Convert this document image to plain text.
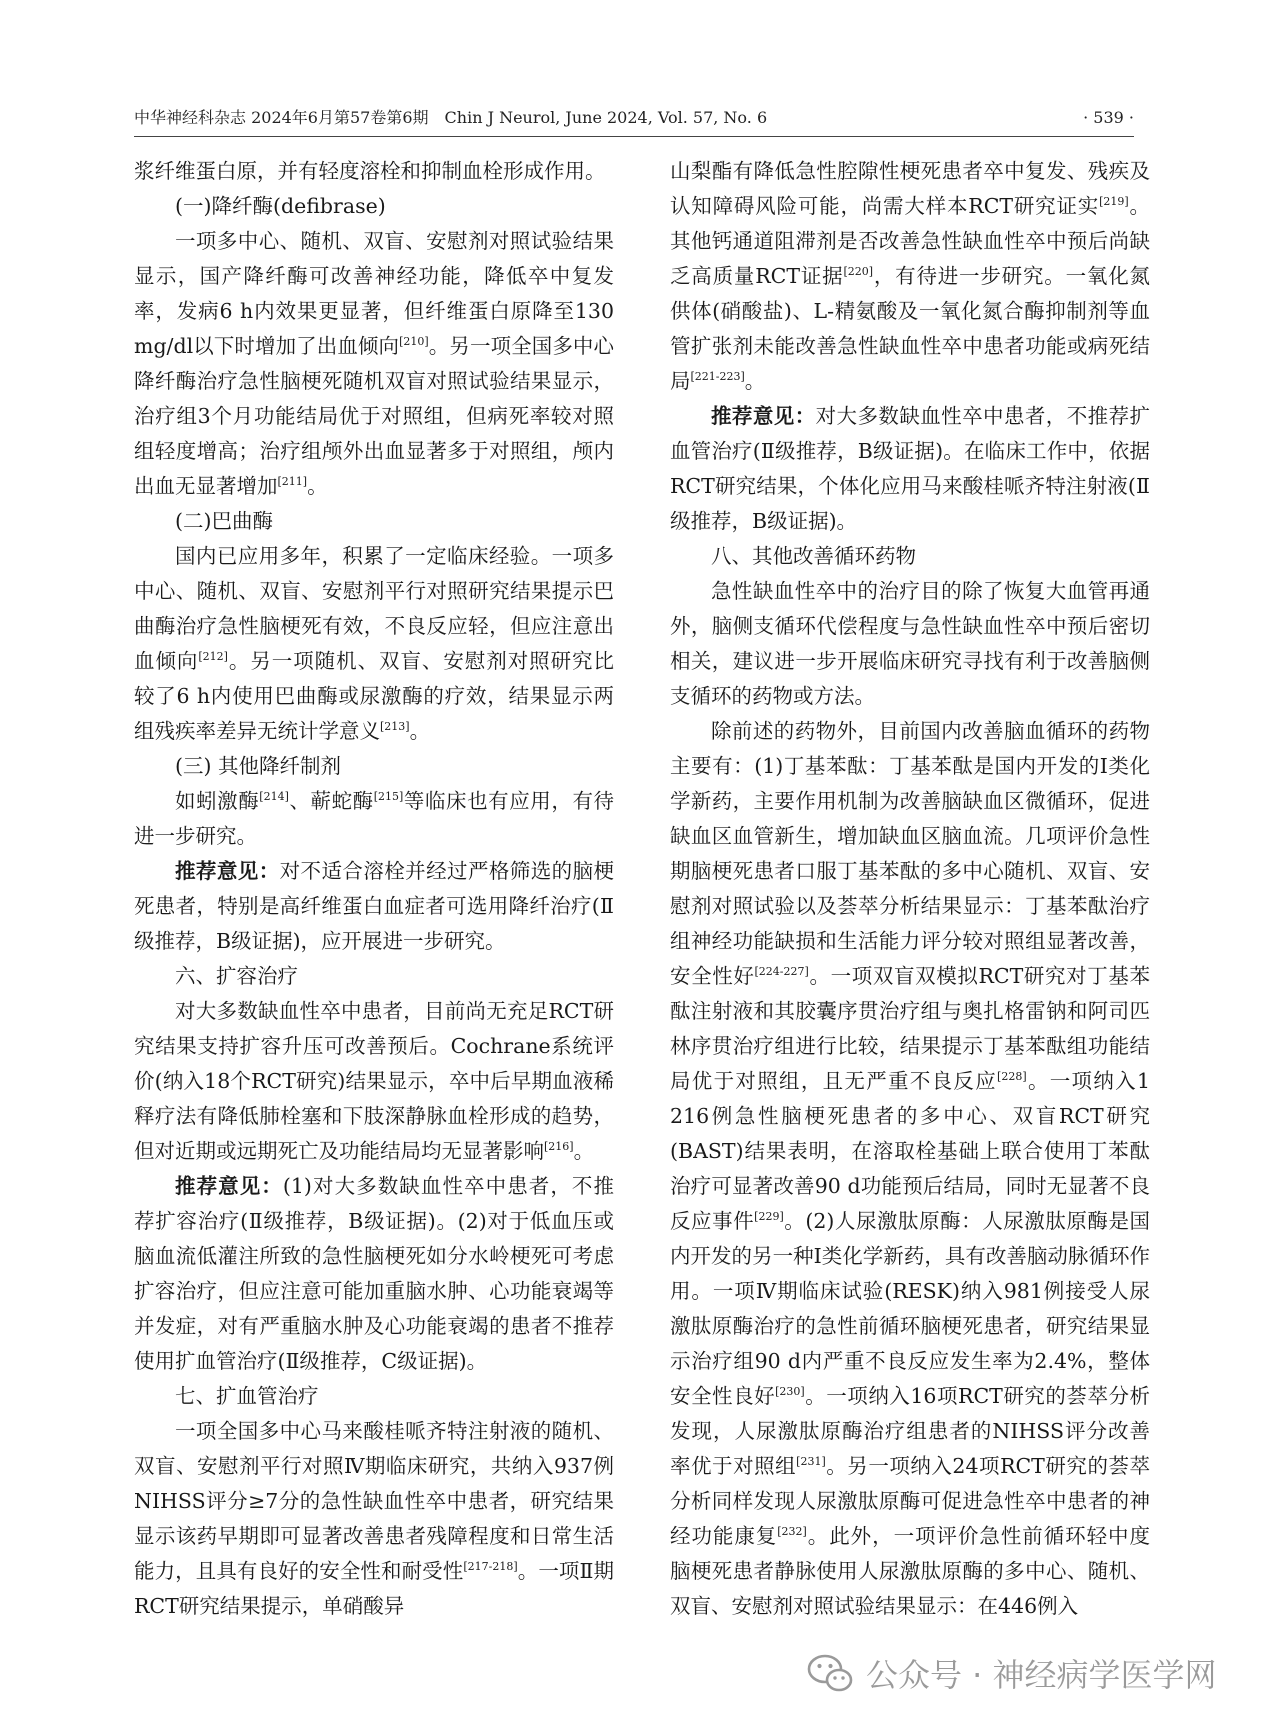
中华神经科杂志 2024年6月第57卷第6期　Chin J Neurol, June 2024, Vol. 57, No. 6	· 539 ·

浆纤维蛋白原，并有轻度溶栓和抑制血栓形成作用。

(一)降纤酶(defibrase)

一项多中心、随机、双盲、安慰剂对照试验结果显示，国产降纤酶可改善神经功能，降低卒中复发率，发病6 h内效果更显著，但纤维蛋白原降至130 mg/dl以下时增加了出血倾向[210]。另一项全国多中心降纤酶治疗急性脑梗死随机双盲对照试验结果显示，治疗组3个月功能结局优于对照组，但病死率较对照组轻度增高；治疗组颅外出血显著多于对照组，颅内出血无显著增加[211]。

(二)巴曲酶

国内已应用多年，积累了一定临床经验。一项多中心、随机、双盲、安慰剂平行对照研究结果提示巴曲酶治疗急性脑梗死有效，不良反应轻，但应注意出血倾向[212]。另一项随机、双盲、安慰剂对照研究比较了6 h内使用巴曲酶或尿激酶的疗效，结果显示两组残疾率差异无统计学意义[213]。

(三) 其他降纤制剂

如蚓激酶[214]、蕲蛇酶[215]等临床也有应用，有待进一步研究。

推荐意见：对不适合溶栓并经过严格筛选的脑梗死患者，特别是高纤维蛋白血症者可选用降纤治疗(Ⅱ级推荐，B级证据)，应开展进一步研究。

六、扩容治疗

对大多数缺血性卒中患者，目前尚无充足RCT研究结果支持扩容升压可改善预后。Cochrane系统评价(纳入18个RCT研究)结果显示，卒中后早期血液稀释疗法有降低肺栓塞和下肢深静脉血栓形成的趋势，但对近期或远期死亡及功能结局均无显著影响[216]。

推荐意见：(1)对大多数缺血性卒中患者，不推荐扩容治疗(Ⅱ级推荐，B级证据)。(2)对于低血压或脑血流低灌注所致的急性脑梗死如分水岭梗死可考虑扩容治疗，但应注意可能加重脑水肿、心功能衰竭等并发症，对有严重脑水肿及心功能衰竭的患者不推荐使用扩血管治疗(Ⅱ级推荐，C级证据)。

七、扩血管治疗

一项全国多中心马来酸桂哌齐特注射液的随机、双盲、安慰剂平行对照Ⅳ期临床研究，共纳入937例NIHSS评分≥7分的急性缺血性卒中患者，研究结果显示该药早期即可显著改善患者残障程度和日常生活能力，且具有良好的安全性和耐受性[217-218]。一项Ⅱ期RCT研究结果提示，单硝酸异

山梨酯有降低急性腔隙性梗死患者卒中复发、残疾及认知障碍风险可能，尚需大样本RCT研究证实[219]。其他钙通道阻滞剂是否改善急性缺血性卒中预后尚缺乏高质量RCT证据[220]，有待进一步研究。一氧化氮供体(硝酸盐)、L-精氨酸及一氧化氮合酶抑制剂等血管扩张剂未能改善急性缺血性卒中患者功能或病死结局[221-223]。

推荐意见：对大多数缺血性卒中患者，不推荐扩血管治疗(Ⅱ级推荐，B级证据)。在临床工作中，依据RCT研究结果，个体化应用马来酸桂哌齐特注射液(Ⅱ级推荐，B级证据)。

八、其他改善循环药物

急性缺血性卒中的治疗目的除了恢复大血管再通外，脑侧支循环代偿程度与急性缺血性卒中预后密切相关，建议进一步开展临床研究寻找有利于改善脑侧支循环的药物或方法。

除前述的药物外，目前国内改善脑血循环的药物主要有：(1)丁基苯酞：丁基苯酞是国内开发的Ⅰ类化学新药，主要作用机制为改善脑缺血区微循环，促进缺血区血管新生，增加缺血区脑血流。几项评价急性期脑梗死患者口服丁基苯酞的多中心随机、双盲、安慰剂对照试验以及荟萃分析结果显示：丁基苯酞治疗组神经功能缺损和生活能力评分较对照组显著改善，安全性好[224-227]。一项双盲双模拟RCT研究对丁基苯酞注射液和其胶囊序贯治疗组与奥扎格雷钠和阿司匹林序贯治疗组进行比较，结果提示丁基苯酞组功能结局优于对照组，且无严重不良反应[228]。一项纳入1 216例急性脑梗死患者的多中心、双盲RCT研究(BAST)结果表明，在溶取栓基础上联合使用丁苯酞治疗可显著改善90 d功能预后结局，同时无显著不良反应事件[229]。(2)人尿激肽原酶：人尿激肽原酶是国内开发的另一种Ⅰ类化学新药，具有改善脑动脉循环作用。一项Ⅳ期临床试验(RESK)纳入981例接受人尿激肽原酶治疗的急性前循环脑梗死患者，研究结果显示治疗组90 d内严重不良反应发生率为2.4%，整体安全性良好[230]。一项纳入16项RCT研究的荟萃分析发现，人尿激肽原酶治疗组患者的NIHSS评分改善率优于对照组[231]。另一项纳入24项RCT研究的荟萃分析同样发现人尿激肽原酶可促进急性卒中患者的神经功能康复[232]。此外，一项评价急性前循环轻中度脑梗死患者静脉使用人尿激肽原酶的多中心、随机、双盲、安慰剂对照试验结果显示：在446例入

公众号 · 神经病学医学网
